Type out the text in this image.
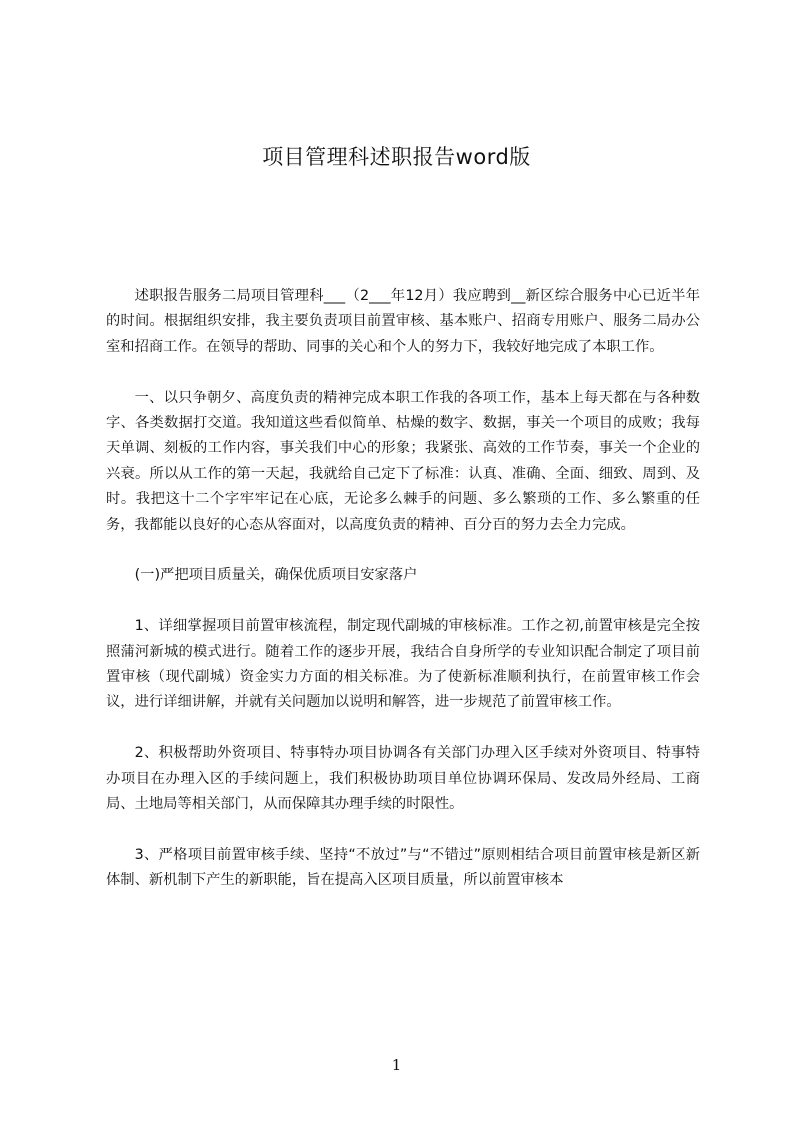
项目管理科述职报告word版

述职报告服务二局项目管理科___（2___年12月）我应聘到__新区综合服务中心已近半年的时间。根据组织安排，我主要负责项目前置审核、基本账户、招商专用账户、服务二局办公室和招商工作。在领导的帮助、同事的关心和个人的努力下，我较好地完成了本职工作。

一、以只争朝夕、高度负责的精神完成本职工作我的各项工作，基本上每天都在与各种数字、各类数据打交道。我知道这些看似简单、枯燥的数字、数据，事关一个项目的成败；我每天单调、刻板的工作内容，事关我们中心的形象；我紧张、高效的工作节奏，事关一个企业的兴衰。所以从工作的第一天起，我就给自己定下了标准：认真、准确、全面、细致、周到、及时。我把这十二个字牢牢记在心底，无论多么棘手的问题、多么繁琐的工作、多么繁重的任务，我都能以良好的心态从容面对，以高度负责的精神、百分百的努力去全力完成。

(一)严把项目质量关，确保优质项目安家落户

1、详细掌握项目前置审核流程，制定现代副城的审核标准。工作之初,前置审核是完全按照蒲河新城的模式进行。随着工作的逐步开展，我结合自身所学的专业知识配合制定了项目前置审核（现代副城）资金实力方面的相关标准。为了使新标准顺利执行，在前置审核工作会议，进行详细讲解，并就有关问题加以说明和解答，进一步规范了前置审核工作。

2、积极帮助外资项目、特事特办项目协调各有关部门办理入区手续对外资项目、特事特办项目在办理入区的手续问题上，我们积极协助项目单位协调环保局、发改局外经局、工商局、土地局等相关部门，从而保障其办理手续的时限性。

3、严格项目前置审核手续、坚持“不放过”与“不错过”原则相结合项目前置审核是新区新体制、新机制下产生的新职能，旨在提高入区项目质量，所以前置审核本

1
